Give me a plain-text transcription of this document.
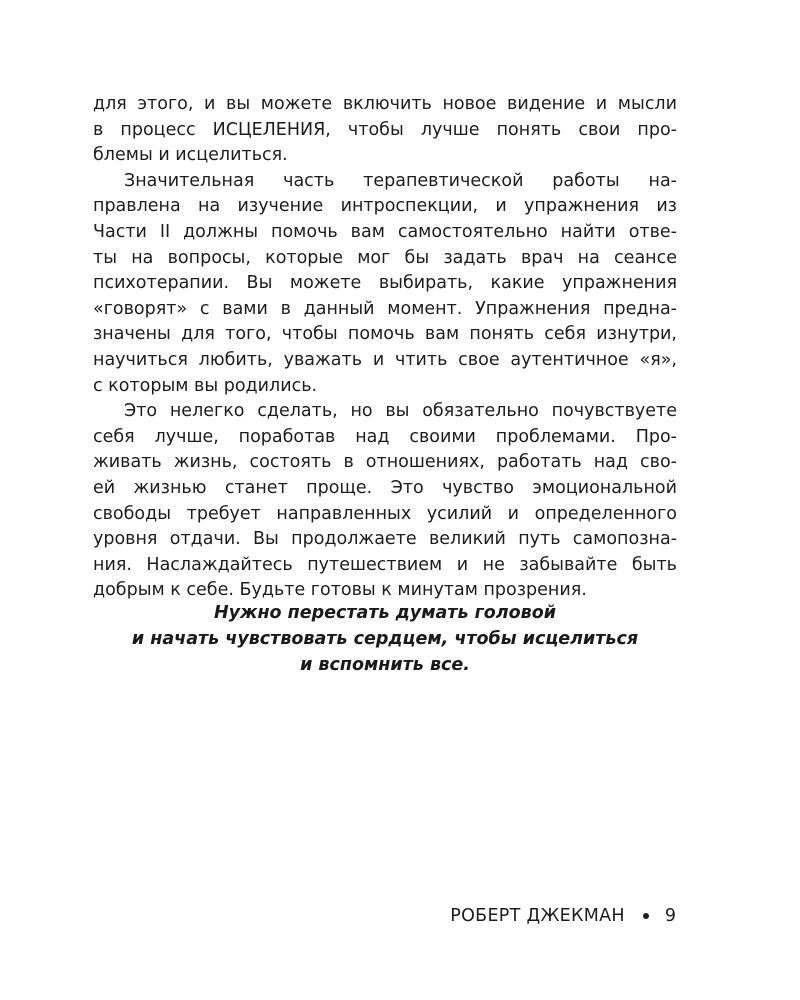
для этого, и вы можете включить новое видение и мысли
в процесс ИСЦЕЛЕНИЯ, чтобы лучше понять свои про-
блемы и исцелиться.
Значительная часть терапевтической работы на-
правлена на изучение интроспекции, и упражнения из
Части II должны помочь вам самостоятельно найти отве-
ты на вопросы, которые мог бы задать врач на сеансе
психотерапии. Вы можете выбирать, какие упражнения
«говорят» с вами в данный момент. Упражнения предна-
значены для того, чтобы помочь вам понять себя изнутри,
научиться любить, уважать и чтить свое аутентичное «я»,
с которым вы родились.
Это нелегко сделать, но вы обязательно почувствуете
себя лучше, поработав над своими проблемами. Про-
живать жизнь, состоять в отношениях, работать над сво-
ей жизнью станет проще. Это чувство эмоциональной
свободы требует направленных усилий и определенного
уровня отдачи. Вы продолжаете великий путь самопозна-
ния. Наслаждайтесь путешествием и не забывайте быть
добрым к себе. Будьте готовы к минутам прозрения.
Нужно перестать думать головой
и начать чувствовать сердцем, чтобы исцелиться
и вспомнить все.
РОБЕРТ ДЖЕКМАН 9
